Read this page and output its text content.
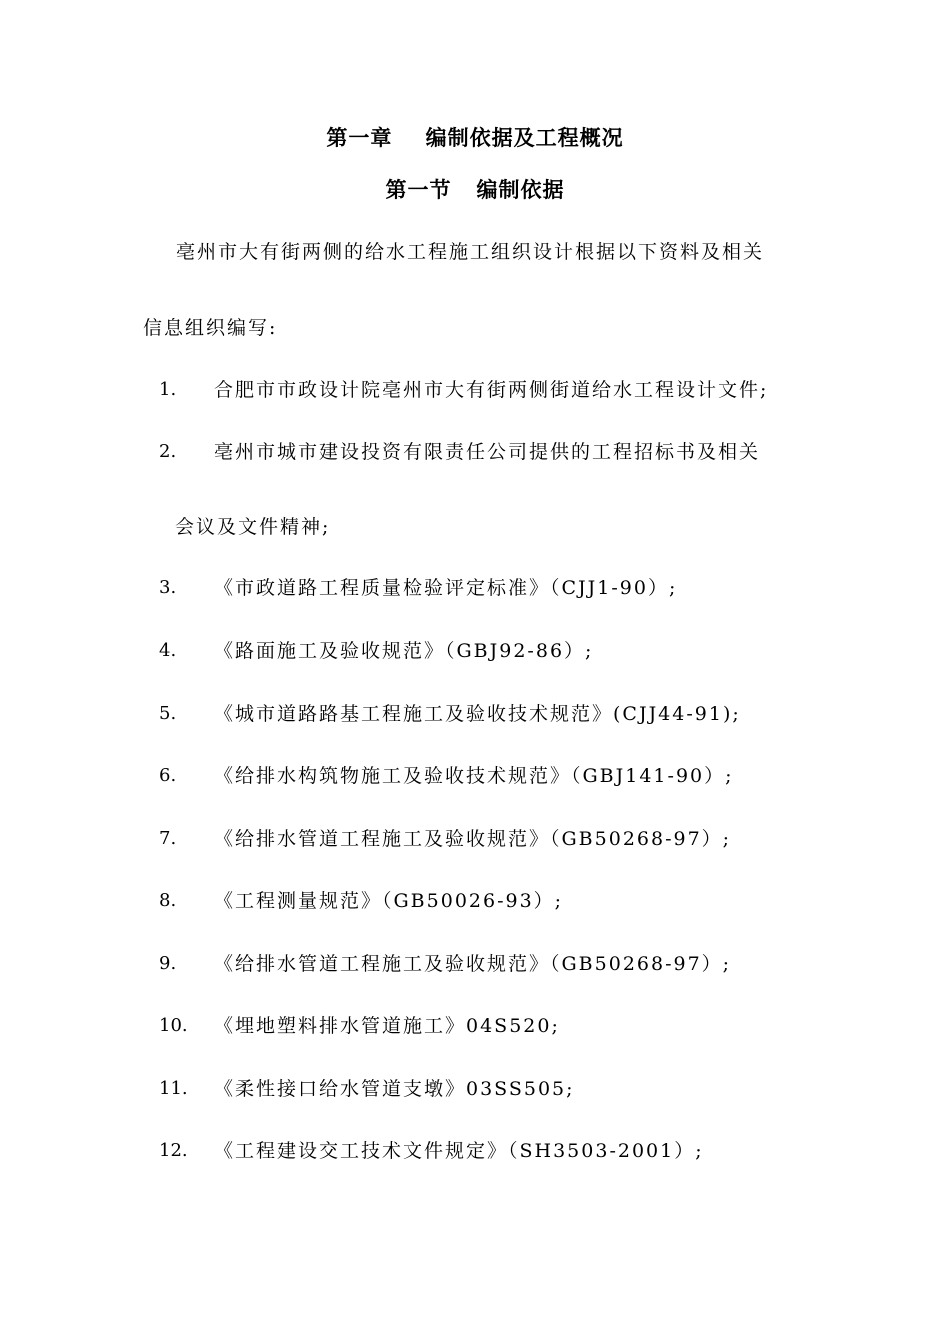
第一章    编制依据及工程概况
第一节   编制依据
亳州市大有街两侧的给水工程施工组织设计根据以下资料及相关
信息组织编写:
1. 合肥市市政设计院亳州市大有街两侧街道给水工程设计文件;
2. 亳州市城市建设投资有限责任公司提供的工程招标书及相关
会议及文件精神;
3. 《市政道路工程质量检验评定标准》（CJJ1-90）;
4. 《路面施工及验收规范》（GBJ92-86）;
5. 《城市道路路基工程施工及验收技术规范》(CJJ44-91);
6. 《给排水构筑物施工及验收技术规范》（GBJ141-90）;
7. 《给排水管道工程施工及验收规范》（GB50268-97）;
8. 《工程测量规范》（GB50026-93）;
9. 《给排水管道工程施工及验收规范》（GB50268-97）;
10. 《埋地塑料排水管道施工》04S520;
11. 《柔性接口给水管道支墩》03SS505;
12. 《工程建设交工技术文件规定》（SH3503-2001）;
